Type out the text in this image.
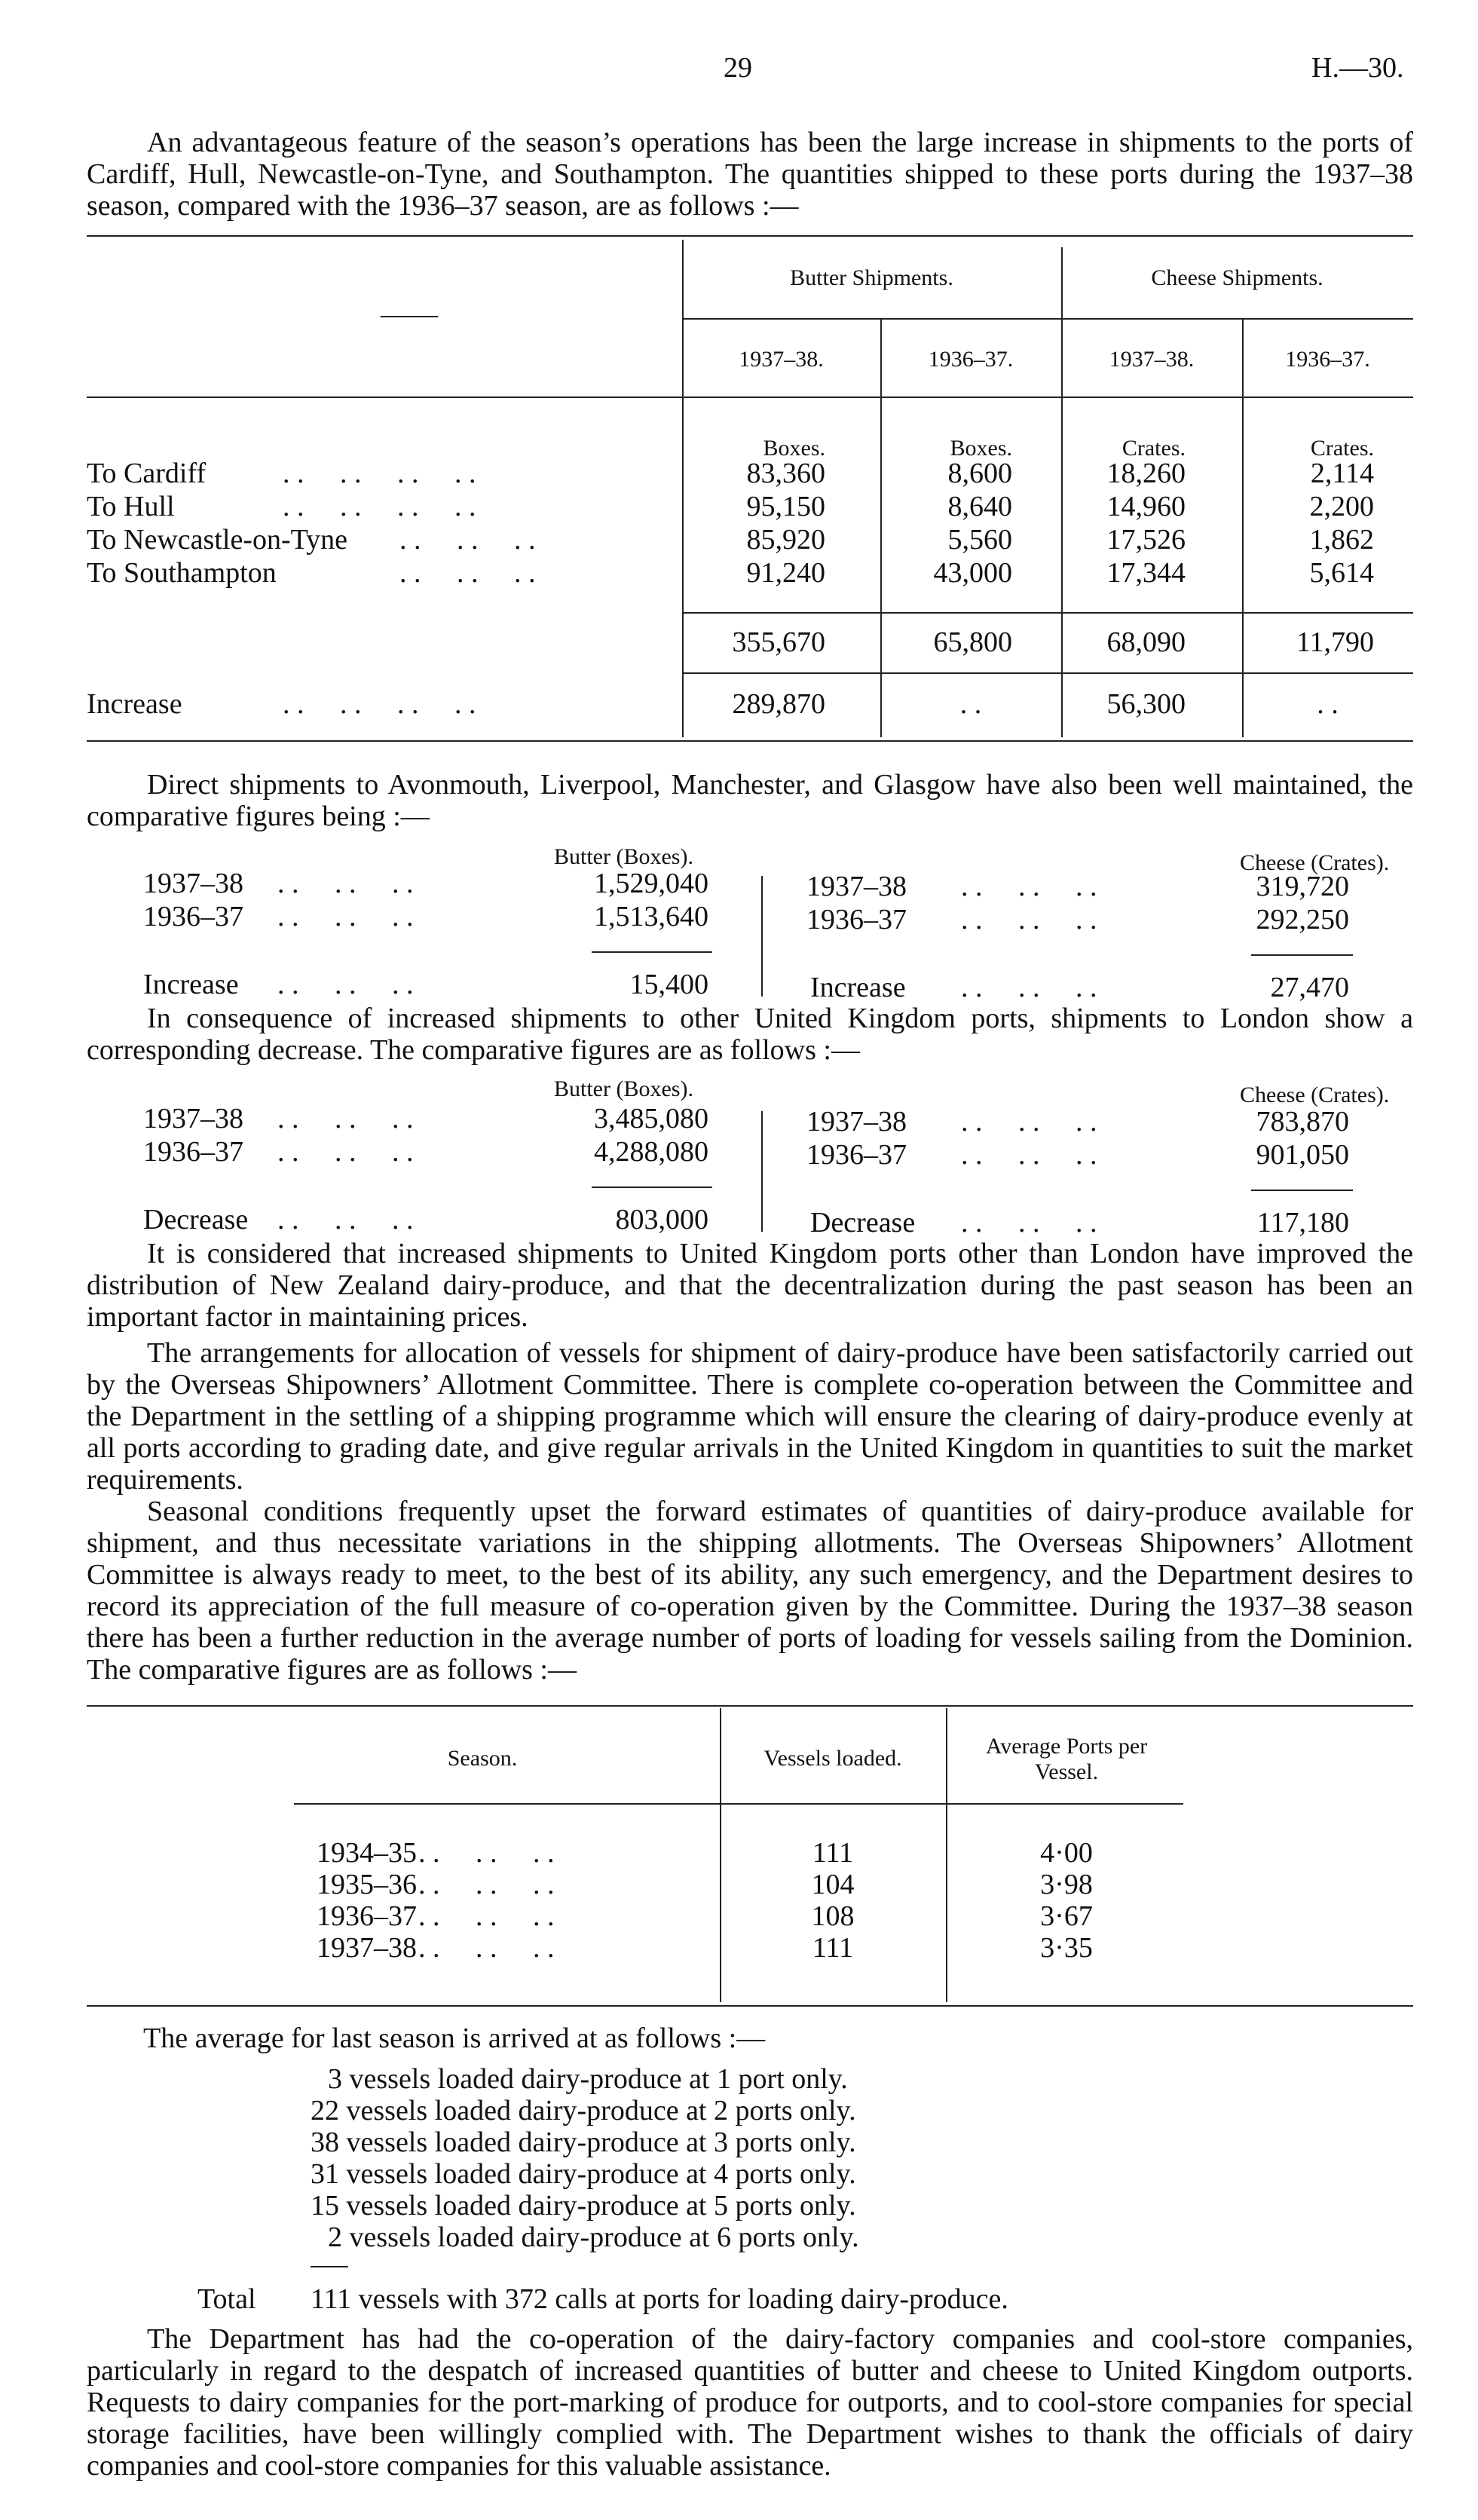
29	H.—30.
An advantageous feature of the season’s operations has been the large increase in shipments to the ports of Cardiff, Hull, Newcastle-on-Tyne, and Southampton. The quantities shipped to these ports during the 1937–38 season, compared with the 1936–37 season, are as follows :—
——
Butter Shipments.	Cheese Shipments.
1937–38.	1936–37.	1937–38.	1936–37.
Boxes.	Boxes.	Crates.	Crates.
To Cardiff	. .     . .     . .     . .	83,360	8,600	18,260	2,114
To Hull	. .     . .     . .     . .	95,150	8,640	14,960	2,200
To Newcastle-on-Tyne . .     . .     . .	85,920	5,560	17,526	1,862
To Southampton	. .     . .     . .	91,240	43,000	17,344	5,614
355,670	65,800	68,090	11,790
Increase	. .     . .     . .     . .	289,870	. .	56,300	. .
Direct shipments to Avonmouth, Liverpool, Manchester, and Glasgow have also been well maintained, the comparative figures being :—
Butter (Boxes).	Cheese (Crates).
1937–38 . .     . .     . .	1,529,040
1936–37 . .     . .     . .	1,513,640
Increase . .     . .     . .	15,400
1937–38 . .     . .     . .	319,720
1936–37 . .     . .     . .	292,250
Increase . .     . .     . .	27,470
In consequence of increased shipments to other United Kingdom ports, shipments to London show a corresponding decrease. The comparative figures are as follows :—
Butter (Boxes).	Cheese (Crates).
1937–38 . .     . .     . .	3,485,080
1936–37 . .     . .     . .	4,288,080
Decrease . .     . .     . .	803,000
1937–38 . .     . .     . .	783,870
1936–37 . .     . .     . .	901,050
Decrease . .     . .     . .	117,180
It is considered that increased shipments to United Kingdom ports other than London have improved the distribution of New Zealand dairy-produce, and that the decentralization during the past season has been an important factor in maintaining prices.
The arrangements for allocation of vessels for shipment of dairy-produce have been satisfactorily carried out by the Overseas Shipowners’ Allotment Committee. There is complete co-operation between the Committee and the Department in the settling of a shipping programme which will ensure the clearing of dairy-produce evenly at all ports according to grading date, and give regular arrivals in the United Kingdom in quantities to suit the market requirements.
Seasonal conditions frequently upset the forward estimates of quantities of dairy-produce available for shipment, and thus necessitate variations in the shipping allotments. The Overseas Shipowners’ Allotment Committee is always ready to meet, to the best of its ability, any such emergency, and the Department desires to record its appreciation of the full measure of co-operation given by the Committee. During the 1937–38 season there has been a further reduction in the average number of ports of loading for vessels sailing from the Dominion. The comparative figures are as follows :—
Season.	Vessels loaded.	Average Ports per Vessel.
1934–35 . .     . .     . .	111	4·00
1935–36 . .     . .     . .	104	3·98
1936–37 . .     . .     . .	108	3·67
1937–38 . .     . .     . .	111	3·35
The average for last season is arrived at as follows :—
3 vessels loaded dairy-produce at 1 port only.
22 vessels loaded dairy-produce at 2 ports only.
38 vessels loaded dairy-produce at 3 ports only.
31 vessels loaded dairy-produce at 4 ports only.
15 vessels loaded dairy-produce at 5 ports only.
2 vessels loaded dairy-produce at 6 ports only.
Total 111 vessels with 372 calls at ports for loading dairy-produce.
The Department has had the co-operation of the dairy-factory companies and cool-store companies, particularly in regard to the despatch of increased quantities of butter and cheese to United Kingdom outports. Requests to dairy companies for the port-marking of produce for outports, and to cool-store companies for special storage facilities, have been willingly complied with. The Department wishes to thank the officials of dairy companies and cool-store companies for this valuable assistance.
